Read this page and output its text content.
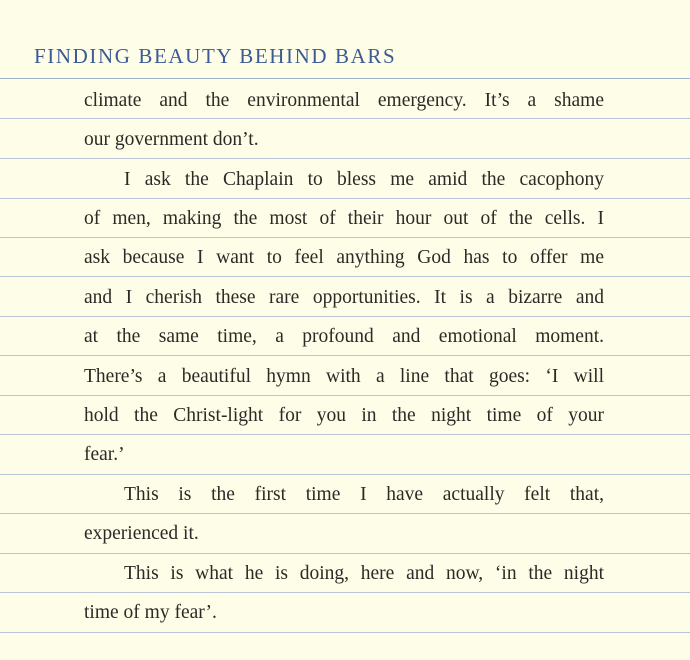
FINDING BEAUTY BEHIND BARS
climate and the environmental emergency. It’s a shame
our government don’t.
I ask the Chaplain to bless me amid the cacophony
of men, making the most of their hour out of the cells. I
ask because I want to feel anything God has to offer me
and I cherish these rare opportunities. It is a bizarre and
at the same time, a profound and emotional moment.
There’s a beautiful hymn with a line that goes: ‘I will
hold the Christ-light for you in the night time of your
fear.’
This is the first time I have actually felt that,
experienced it.
This is what he is doing, here and now, ‘in the night
time of my fear’.
